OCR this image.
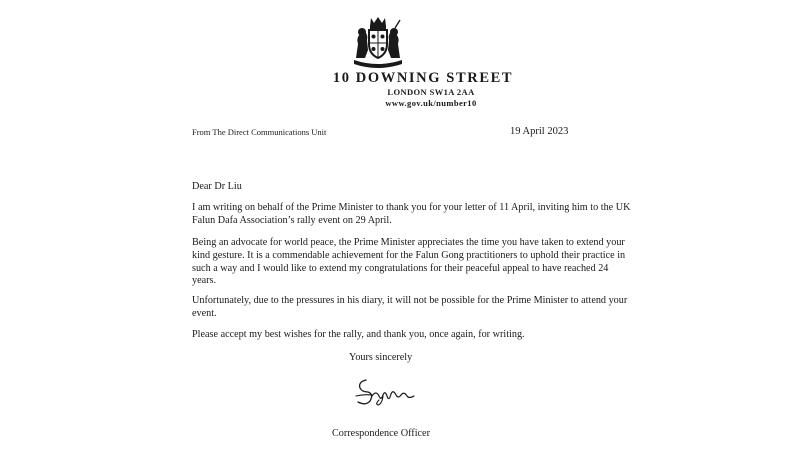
10 DOWNING STREET
LONDON SW1A 2AA
www.gov.uk/number10
From The Direct Communications Unit	19 April 2023
Dear Dr Liu
I am writing on behalf of the Prime Minister to thank you for your letter of 11 April, inviting him to the UK Falun Dafa Association’s rally event on 29 April.
Being an advocate for world peace, the Prime Minister appreciates the time you have taken to extend your kind gesture. It is a commendable achievement for the Falun Gong practitioners to uphold their practice in such a way and I would like to extend my congratulations for their peaceful appeal to have reached 24 years.
Unfortunately, due to the pressures in his diary, it will not be possible for the Prime Minister to attend your event.
Please accept my best wishes for the rally, and thank you, once again, for writing.
Yours sincerely
Correspondence Officer
